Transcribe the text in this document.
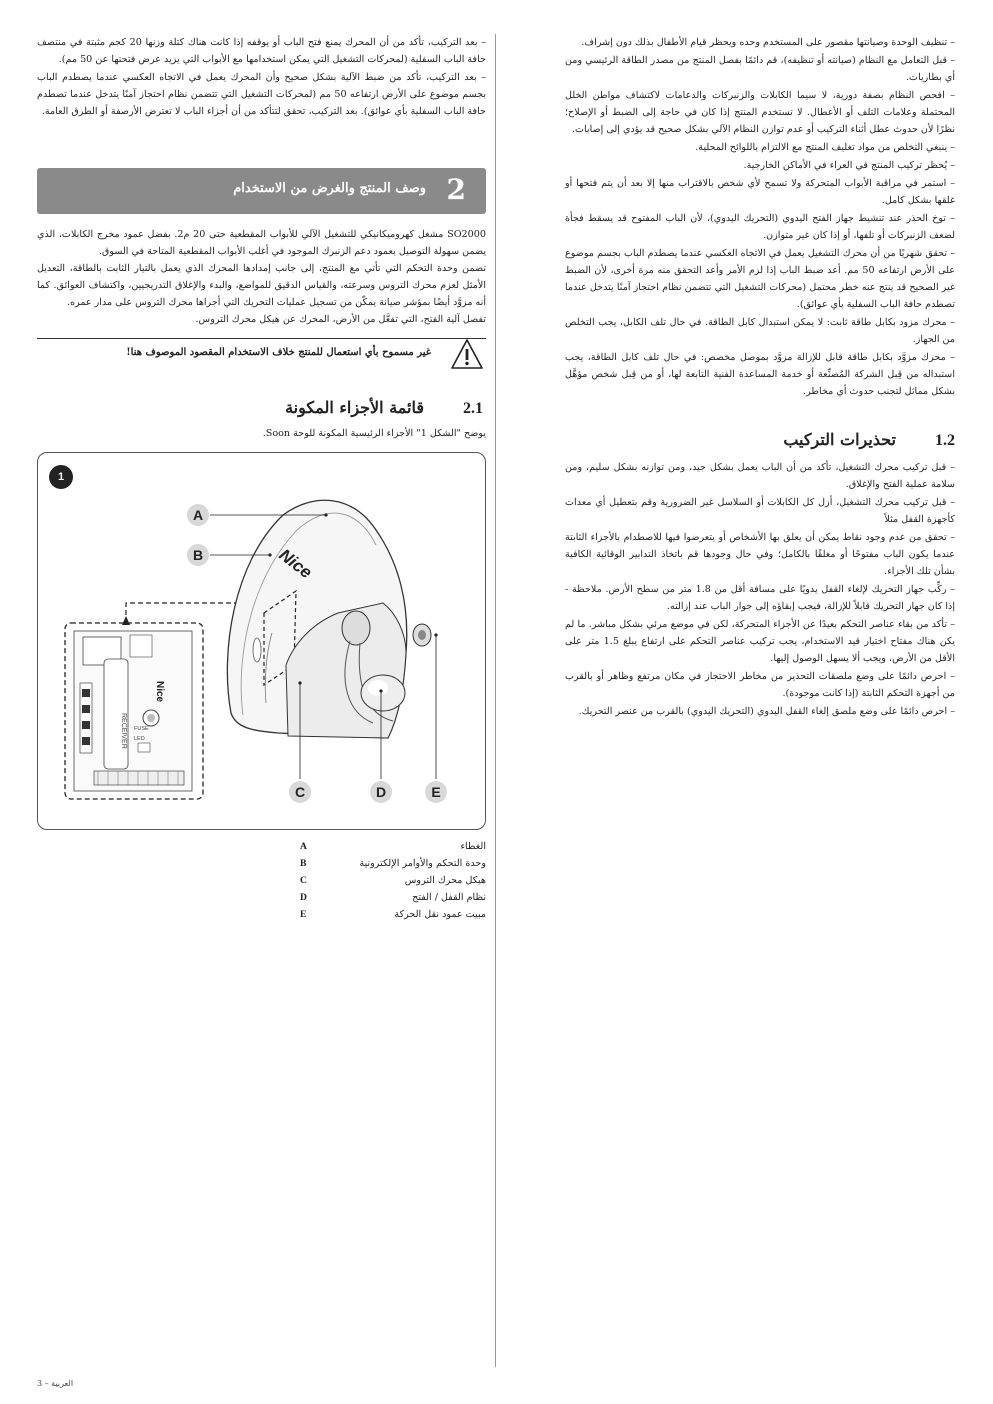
– تنظيف الوحدة وصيانتها مقصور على المستخدم وحده ويحظر قيام الأطفال بذلك دون إشراف.

– قبل التعامل مع النظام (صيانته أو تنظيفه)، قم دائمًا بفصل المنتج من مصدر الطاقة الرئيسي ومن أي بطاريات.

– افحص النظام بصفة دورية، لا سيما الكابلات والزنبركات والدعامات لاكتشاف مواطن الخلل المحتملة وعلامات التلف أو الأعطال. لا تستخدم المنتج إذا كان في حاجة إلى الضبط أو الإصلاح؛ نظرًا لأن حدوث عطل أثناء التركيب أو عدم توازن النظام الآلي بشكل صحيح قد يؤدي إلى إصابات.

– ينبغي التخلص من مواد تغليف المنتج مع الالتزام باللوائح المحلية.

– يُحظر تركيب المنتج في العراء في الأماكن الخارجية.

– استمر في مراقبة الأبواب المتحركة ولا تسمح لأي شخص بالاقتراب منها إلا بعد أن يتم فتحها أو غلقها بشكل كامل.

– توخ الحذر عند تنشيط جهاز الفتح اليدوي (التحريك اليدوي)، لأن الباب المفتوح قد يسقط فجأة لضعف الزنبركات أو تلفها، أو إذا كان غير متوازن.

– تحقق شهريًا من أن محرك التشغيل يعمل في الاتجاه العكسي عندما يصطدم الباب بجسم موضوع على الأرض ارتفاعه 50 مم. أعد ضبط الباب إذا لزم الأمر وأعد التحقق منه مرة أخرى، لأن الضبط غير الصحيح قد ينتج عنه خطر محتمل (محركات التشغيل التي تتضمن نظام احتجاز آمنًا يتدخل عندما تصطدم حافة الباب السفلية بأي عوائق).

– محرك مزود بكابل طاقة ثابت: لا يمكن استبدال كابل الطاقة. في حال تلف الكابل، يجب التخلص من الجهاز.

– محرك مزوَّد بكابل طاقة قابل للإزالة مزوَّد بموصل مخصص: في حال تلف كابل الطاقة، يجب استبداله من قِبل الشركة المُصنِّعة أو خدمة المساعدة الفنية التابعة لها، أو من قِبل شخص مؤهَّل بشكل مماثل لتجنب حدوث أي مخاطر.

1.2       تحذيرات التركيب

– قبل تركيب محرك التشغيل، تأكد من أن الباب يعمل بشكل جيد، ومن توازنه بشكل سليم، ومن سلامة عملية الفتح والإغلاق.

– قبل تركيب محرك التشغيل، أزل كل الكابلات أو السلاسل غير الضرورية وقم بتعطيل أي معدات كأجهزة القفل مثلاً

– تحقق من عدم وجود نقاط يمكن أن يعلق بها الأشخاص أو يتعرضوا فيها للاصطدام بالأجزاء الثابتة عندما يكون الباب مفتوحًا أو مغلقًا بالكامل؛ وفي حال وجودها قم باتخاذ التدابير الوقائية الكافية بشأن تلك الأجزاء.

– ركِّب جهاز التحريك لإلغاء القفل يدويًا على مسافة أقل من 1.8 متر من سطح الأرض. ملاحظة - إذا كان جهاز التحريك قابلاً للإزالة، فيجب إبقاؤه إلى جوار الباب عند إزالته.

– تأكد من بقاء عناصر التحكم بعيدًا عن الأجزاء المتحركة، لكن في موضع مرئي بشكل مباشر. ما لم يكن هناك مفتاح اختيار قيد الاستخدام، يجب تركيب عناصر التحكم على ارتفاع يبلغ 1.5 متر على الأقل من الأرض، ويجب ألا يسهل الوصول إليها.

– احرص دائمًا على وضع ملصقات التحذير من مخاطر الاحتجاز في مكان مرتفع وظاهر أو بالقرب من أجهزة التحكم الثابتة (إذا كانت موجودة).

– احرص دائمًا على وضع ملصق إلغاء القفل اليدوي (التحريك اليدوي) بالقرب من عنصر التحريك.

– بعد التركيب، تأكد من أن المحرك يمنع فتح الباب أو يوقفه إذا كانت هناك كتلة وزنها 20 كجم مثبتة في منتصف حافة الباب السفلية (لمحركات التشغيل التي يمكن استخدامها مع الأبواب التي يزيد عرض فتحتها عن 50 مم).

– بعد التركيب، تأكد من ضبط الآلية بشكل صحيح وأن المحرك يعمل في الاتجاه العكسي عندما يصطدم الباب بجسم موضوع على الأرض ارتفاعه 50 مم (لمحركات التشغيل التي تتضمن نظام احتجاز آمنًا يتدخل عندما تصطدم حافة الباب السفلية بأي عوائق). بعد التركيب، تحقق لتتأكد من أن أجزاء الباب لا تعترض الأرصفة أو الطرق العامة.

2
وصف المنتج والغرض من الاستخدام

SO2000 مشغل كهروميكانيكي للتشغيل الآلي للأبواب المقطعية حتى 20 م2. بفضل عمود مخرج الكابلات، الذي يضمن سهولة التوصيل بعمود دعم الزنبرك الموجود في أغلب الأبواب المقطعية المتاحة في السوق.

تضمن وحدة التحكم التي تأتي مع المنتج، إلى جانب إمدادها المحرك الذي يعمل بالتيار الثابت بالطاقة، التعديل الأمثل لعزم محرك التروس وسرعته، والقياس الدقيق للمواضع، والبدء والإغلاق التدريجيين، واكتشاف العوائق. كما أنه مزوَّد أيضًا بمؤشر صيانة يمكّن من تسجيل عمليات التحريك التي أجراها محرك التروس على مدار عمره.

تفصل آلية الفتح، التي تفعَّل من الأرض، المحرك عن هيكل محرك التروس.

غير مسموح بأي استعمال للمنتج خلاف الاستخدام المقصود الموصوف هنا!
2.1       قائمة الأجزاء المكونة

يوضح "الشكل 1" الأجزاء الرئيسية المكونة للوحة Soon.

1
RECEIVER FUSE
LED
Nice
Nice
A
B
C	D	E
الغطاء
A
وحدة التحكم والأوامر الإلكترونية
B
هيكل محرك التروس
C
نظام القفل / الفتح
D
مبيت عمود نقل الحركة
E
العربية – 3
